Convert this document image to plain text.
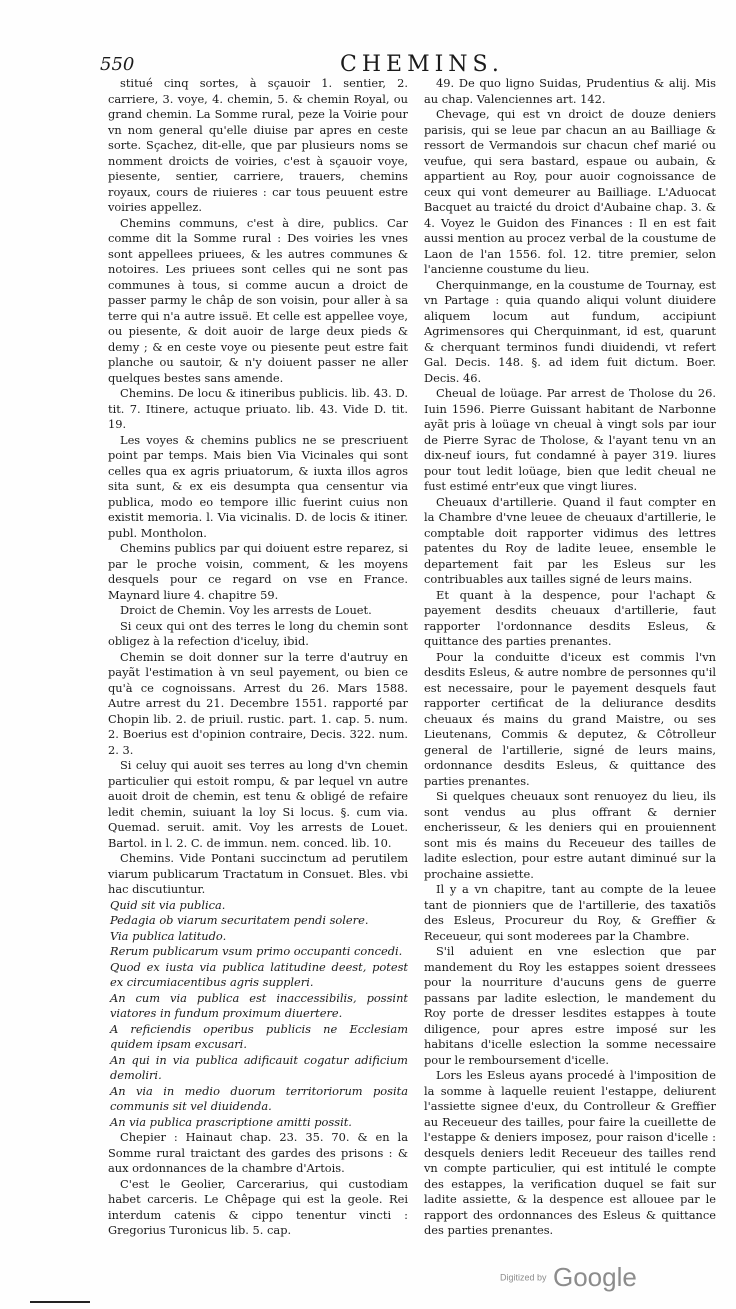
550	CHEMINS.

stitué cinq sortes, à sçauoir 1. sentier, 2. carriere, 3. voye, 4. chemin, 5. & chemin Royal, ou grand chemin. La Somme rural, peze la Voirie pour vn nom general qu'elle diuise par apres en ceste sorte. Sçachez, dit-elle, que par plusieurs noms se nomment droicts de voiries, c'est à sçauoir voye, piesente, sentier, carriere, trauers, chemins royaux, cours de riuieres : car tous peuuent estre voiries appellez.

Chemins communs, c'est à dire, publics. Car comme dit la Somme rural : Des voiries les vnes sont appellees priuees, & les autres communes & notoires. Les priuees sont celles qui ne sont pas communes à tous, si comme aucun a droict de passer parmy le châp de son voisin, pour aller à sa terre qui n'a autre issuë. Et celle est appellee voye, ou piesente, & doit auoir de large deux pieds & demy ; & en ceste voye ou piesente peut estre fait planche ou sautoir, & n'y doiuent passer ne aller quelques bestes sans amende.

Chemins. De locu & itineribus publicis. lib. 43. D. tit. 7. Itinere, actuque priuato. lib. 43. Vide D. tit. 19.

Les voyes & chemins publics ne se prescriuent point par temps. Mais bien Via Vicinales qui sont celles qua ex agris priuatorum, & iuxta illos agros sita sunt, & ex eis desumpta qua censentur via publica, modo eo tempore illic fuerint cuius non existit memoria. l. Via vicinalis. D. de locis & itiner. publ. Montholon.

Chemins publics par qui doiuent estre reparez, si par le proche voisin, comment, & les moyens desquels pour ce regard on vse en France. Maynard liure 4. chapitre 59.

Droict de Chemin. Voy les arrests de Louet.

Si ceux qui ont des terres le long du chemin sont obligez à la refection d'iceluy, ibid.

Chemin se doit donner sur la terre d'autruy en payãt l'estimation à vn seul payement, ou bien ce qu'à ce cognoissans. Arrest du 26. Mars 1588. Autre arrest du 21. Decembre 1551. rapporté par Chopin lib. 2. de priuil. rustic. part. 1. cap. 5. num. 2. Boerius est d'opinion contraire, Decis. 322. num. 2. 3.

Si celuy qui auoit ses terres au long d'vn chemin particulier qui estoit rompu, & par lequel vn autre auoit droit de chemin, est tenu & obligé de refaire ledit chemin, suiuant la loy Si locus. §. cum via. Quemad. seruit. amit. Voy les arrests de Louet. Bartol. in l. 2. C. de immun. nem. conced. lib. 10.

Chemins. Vide Pontani succinctum ad perutilem viarum publicarum Tractatum in Consuet. Bles. vbi hac discutiuntur.

Quid sit via publica.

Pedagia ob viarum securitatem pendi solere.

Via publica latitudo.

Rerum publicarum vsum primo occupanti concedi.

Quod ex iusta via publica latitudine deest, potest ex circumiacentibus agris suppleri.

An cum via publica est inaccessibilis, possint viatores in fundum proximum diuertere.

A reficiendis operibus publicis ne Ecclesiam quidem ipsam excusari.

An qui in via publica adificauit cogatur adificium demoliri.

An via in medio duorum territoriorum posita communis sit vel diuidenda.

An via publica prascriptione amitti possit.

Chepier : Hainaut chap. 23. 35. 70. & en la Somme rural traictant des gardes des prisons : & aux ordonnances de la chambre d'Artois.

C'est le Geolier, Carcerarius, qui custodiam habet carceris. Le Chêpage qui est la geole. Rei interdum catenis & cippo tenentur vincti : Gregorius Turonicus lib. 5. cap.

49. De quo ligno Suidas, Prudentius & alij. Mis au chap. Valenciennes art. 142.

Chevage, qui est vn droict de douze deniers parisis, qui se leue par chacun an au Bailliage & ressort de Vermandois sur chacun chef marié ou veufue, qui sera bastard, espaue ou aubain, & appartient au Roy, pour auoir cognoissance de ceux qui vont demeurer au Bailliage. L'Aduocat Bacquet au traicté du droict d'Aubaine chap. 3. & 4. Voyez le Guidon des Finances : Il en est fait aussi mention au procez verbal de la coustume de Laon de l'an 1556. fol. 12. titre premier, selon l'ancienne coustume du lieu.

Cherquinmange, en la coustume de Tournay, est vn Partage : quia quando aliqui volunt diuidere aliquem locum aut fundum, accipiunt Agrimensores qui Cherquinmant, id est, quarunt & cherquant terminos fundi diuidendi, vt refert Gal. Decis. 148. §. ad idem fuit dictum. Boer. Decis. 46.

Cheual de loüage. Par arrest de Tholose du 26. Iuin 1596. Pierre Guissant habitant de Narbonne ayãt pris à loüage vn cheual à vingt sols par iour de Pierre Syrac de Tholose, & l'ayant tenu vn an dix-neuf iours, fut condamné à payer 319. liures pour tout ledit loüage, bien que ledit cheual ne fust estimé entr'eux que vingt liures.

Cheuaux d'artillerie. Quand il faut compter en la Chambre d'vne leuee de cheuaux d'artillerie, le comptable doit rapporter vidimus des lettres patentes du Roy de ladite leuee, ensemble le departement fait par les Esleus sur les contribuables aux tailles signé de leurs mains.

Et quant à la despence, pour l'achapt & payement desdits cheuaux d'artillerie, faut rapporter l'ordonnance desdits Esleus, & quittance des parties prenantes.

Pour la conduitte d'iceux est commis l'vn desdits Esleus, & autre nombre de personnes qu'il est necessaire, pour le payement desquels faut rapporter certificat de la deliurance desdits cheuaux és mains du grand Maistre, ou ses Lieutenans, Commis & deputez, & Côtrolleur general de l'artillerie, signé de leurs mains, ordonnance desdits Esleus, & quittance des parties prenantes.

Si quelques cheuaux sont renuoyez du lieu, ils sont vendus au plus offrant & dernier encherisseur, & les deniers qui en prouiennent sont mis és mains du Receueur des tailles de ladite eslection, pour estre autant diminué sur la prochaine assiette.

Il y a vn chapitre, tant au compte de la leuee tant de pionniers que de l'artillerie, des taxatiõs des Esleus, Procureur du Roy, & Greffier & Receueur, qui sont moderees par la Chambre.

S'il aduient en vne eslection que par mandement du Roy les estappes soient dressees pour la nourriture d'aucuns gens de guerre passans par ladite eslection, le mandement du Roy porte de dresser lesdites estappes à toute diligence, pour apres estre imposé sur les habitans d'icelle eslection la somme necessaire pour le remboursement d'icelle.

Lors les Esleus ayans procedé à l'imposition de la somme à laquelle reuient l'estappe, deliurent l'assiette signee d'eux, du Controlleur & Greffier au Receueur des tailles, pour faire la cueillette de l'estappe & deniers imposez, pour raison d'icelle : desquels deniers ledit Receueur des tailles rend vn compte particulier, qui est intitulé le compte des estappes, la verification duquel se fait sur ladite assiette, & la despence est allouee par le rapport des ordonnances des Esleus & quittance des parties prenantes.

Digitized by Google
